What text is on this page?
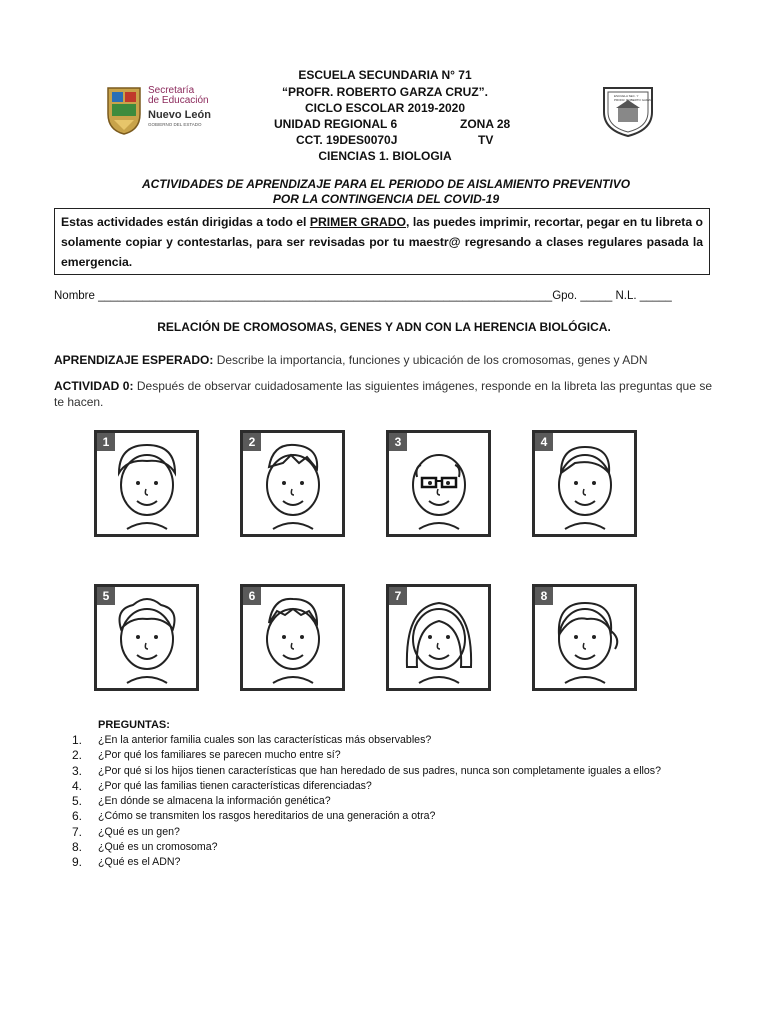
Secretaría
de Educación
Nuevo León
GOBIERNO DEL ESTADO
ESCUELA SECUNDARIA N° 71
“PROFR. ROBERTO GARZA CRUZ”.
CICLO ESCOLAR 2019-2020
UNIDAD REGIONAL 6	ZONA 28
CCT. 19DES0070J	TV
CIENCIAS 1. BIOLOGIA
ESCUELA SEC. Y
PROFR. ROBERTO GARZA
ACTIVIDADES DE APRENDIZAJE PARA EL PERIODO DE AISLAMIENTO PREVENTIVO
POR LA CONTINGENCIA DEL COVID-19
Estas actividades están dirigidas a todo el PRIMER GRADO, las puedes imprimir, recortar, pegar en tu libreta o solamente copiar y contestarlas, para ser revisadas por tu maestr@ regresando a clases regulares pasada la emergencia.
Nombre _______________________________________________________________________Gpo. _____ N.L. _____
RELACIÓN DE CROMOSOMAS, GENES Y ADN CON LA HERENCIA BIOLÓGICA.
APRENDIZAJE ESPERADO: Describe la importancia, funciones y ubicación de los cromosomas, genes y ADN
ACTIVIDAD 0: Después de observar cuidadosamente las siguientes imágenes, responde en la libreta las preguntas que se te hacen.
1	2	3	4
5	6	7	8
PREGUNTAS:
1.	¿En la anterior familia cuales son las características más observables?
2.	¿Por qué los familiares se parecen mucho entre sí?
3.	¿Por qué si los hijos tienen características que han heredado de sus padres, nunca son completamente iguales a ellos?
4.	¿Por qué las familias tienen características diferenciadas?
5.	¿En dónde se almacena la información genética?
6.	¿Cómo se transmiten los rasgos hereditarios de una generación a otra?
7.	¿Qué es un gen?
8.	¿Qué es un cromosoma?
9.	¿Qué es el ADN?
